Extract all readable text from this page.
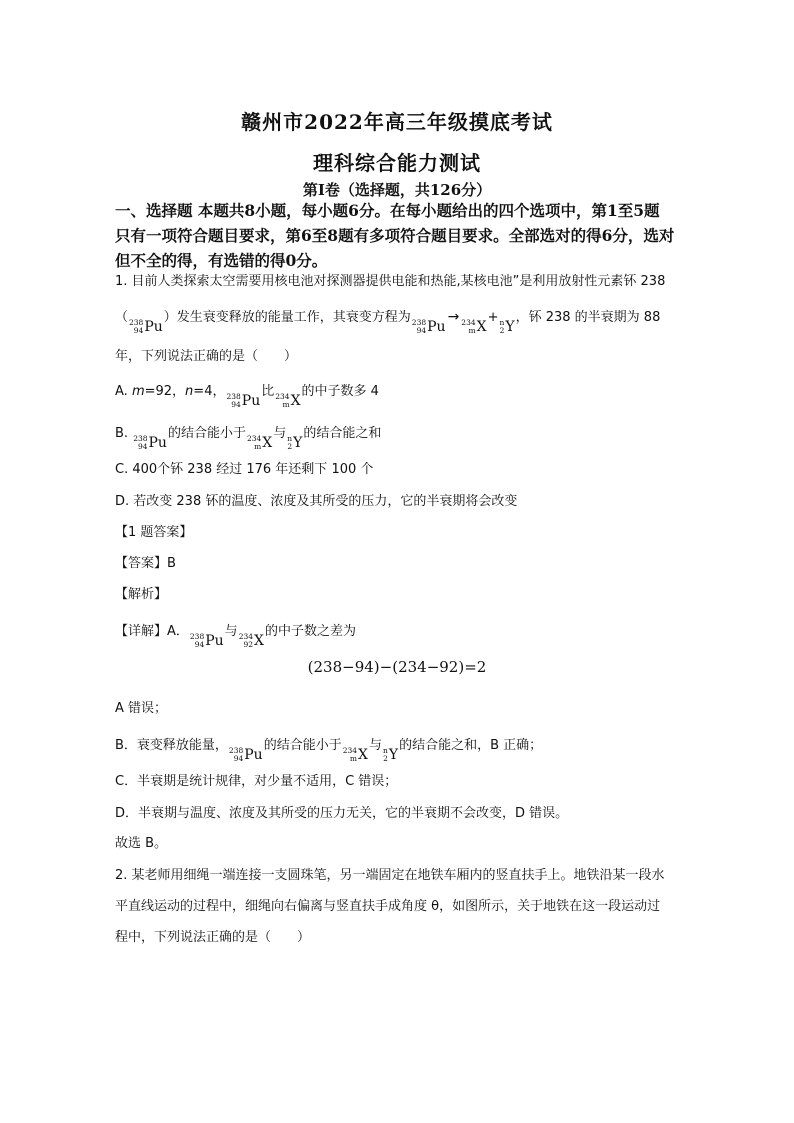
赣州市2022年高三年级摸底考试
理科综合能力测试
第I卷（选择题，共126分）
一、选择题 本题共8小题，每小题6分。在每小题给出的四个选项中，第1至5题
只有一项符合题目要求，第6至8题有多项符合题目要求。全部选对的得6分，选对
但不全的得，有选错的得0分。
1. 目前人类探索太空需要用核电池对探测器提供电能和热能,某核电池”是利用放射性元素钚 238
（ 238
94 Pu
）发生衰变释放的能量工作，其衰变方程为 238
94 Pu
→ 234
m X
+ n
2 Y
，钚 238 的半衰期为 88
年，下列说法正确的是（　　）
A. m=92，n=4， 238
94 Pu
比 234
m X
的中子数多 4
B. 238
94 Pu
的结合能小于 234
m X
与 n
2 Y
的结合能之和
C. 400个钚 238 经过 176 年还剩下 100 个
D. 若改变 238 钚的温度、浓度及其所受的压力，它的半衰期将会改变
【1 题答案】
【答案】B
【解析】
【详解】A． 238
94 Pu
与 234
92 X
的中子数之差为
(238−94)−(234−92)=2
A 错误；
B．衰变释放能量， 238
94 Pu
的结合能小于 234
m X
与 n
2 Y
的结合能之和，B 正确；
C．半衰期是统计规律，对少量不适用，C 错误；
D．半衰期与温度、浓度及其所受的压力无关，它的半衰期不会改变，D 错误。
故选 B。
2. 某老师用细绳一端连接一支圆珠笔，另一端固定在地铁车厢内的竖直扶手上。地铁沿某一段水
平直线运动的过程中，细绳向右偏离与竖直扶手成角度 θ，如图所示，关于地铁在这一段运动过
程中，下列说法正确的是（　　）
